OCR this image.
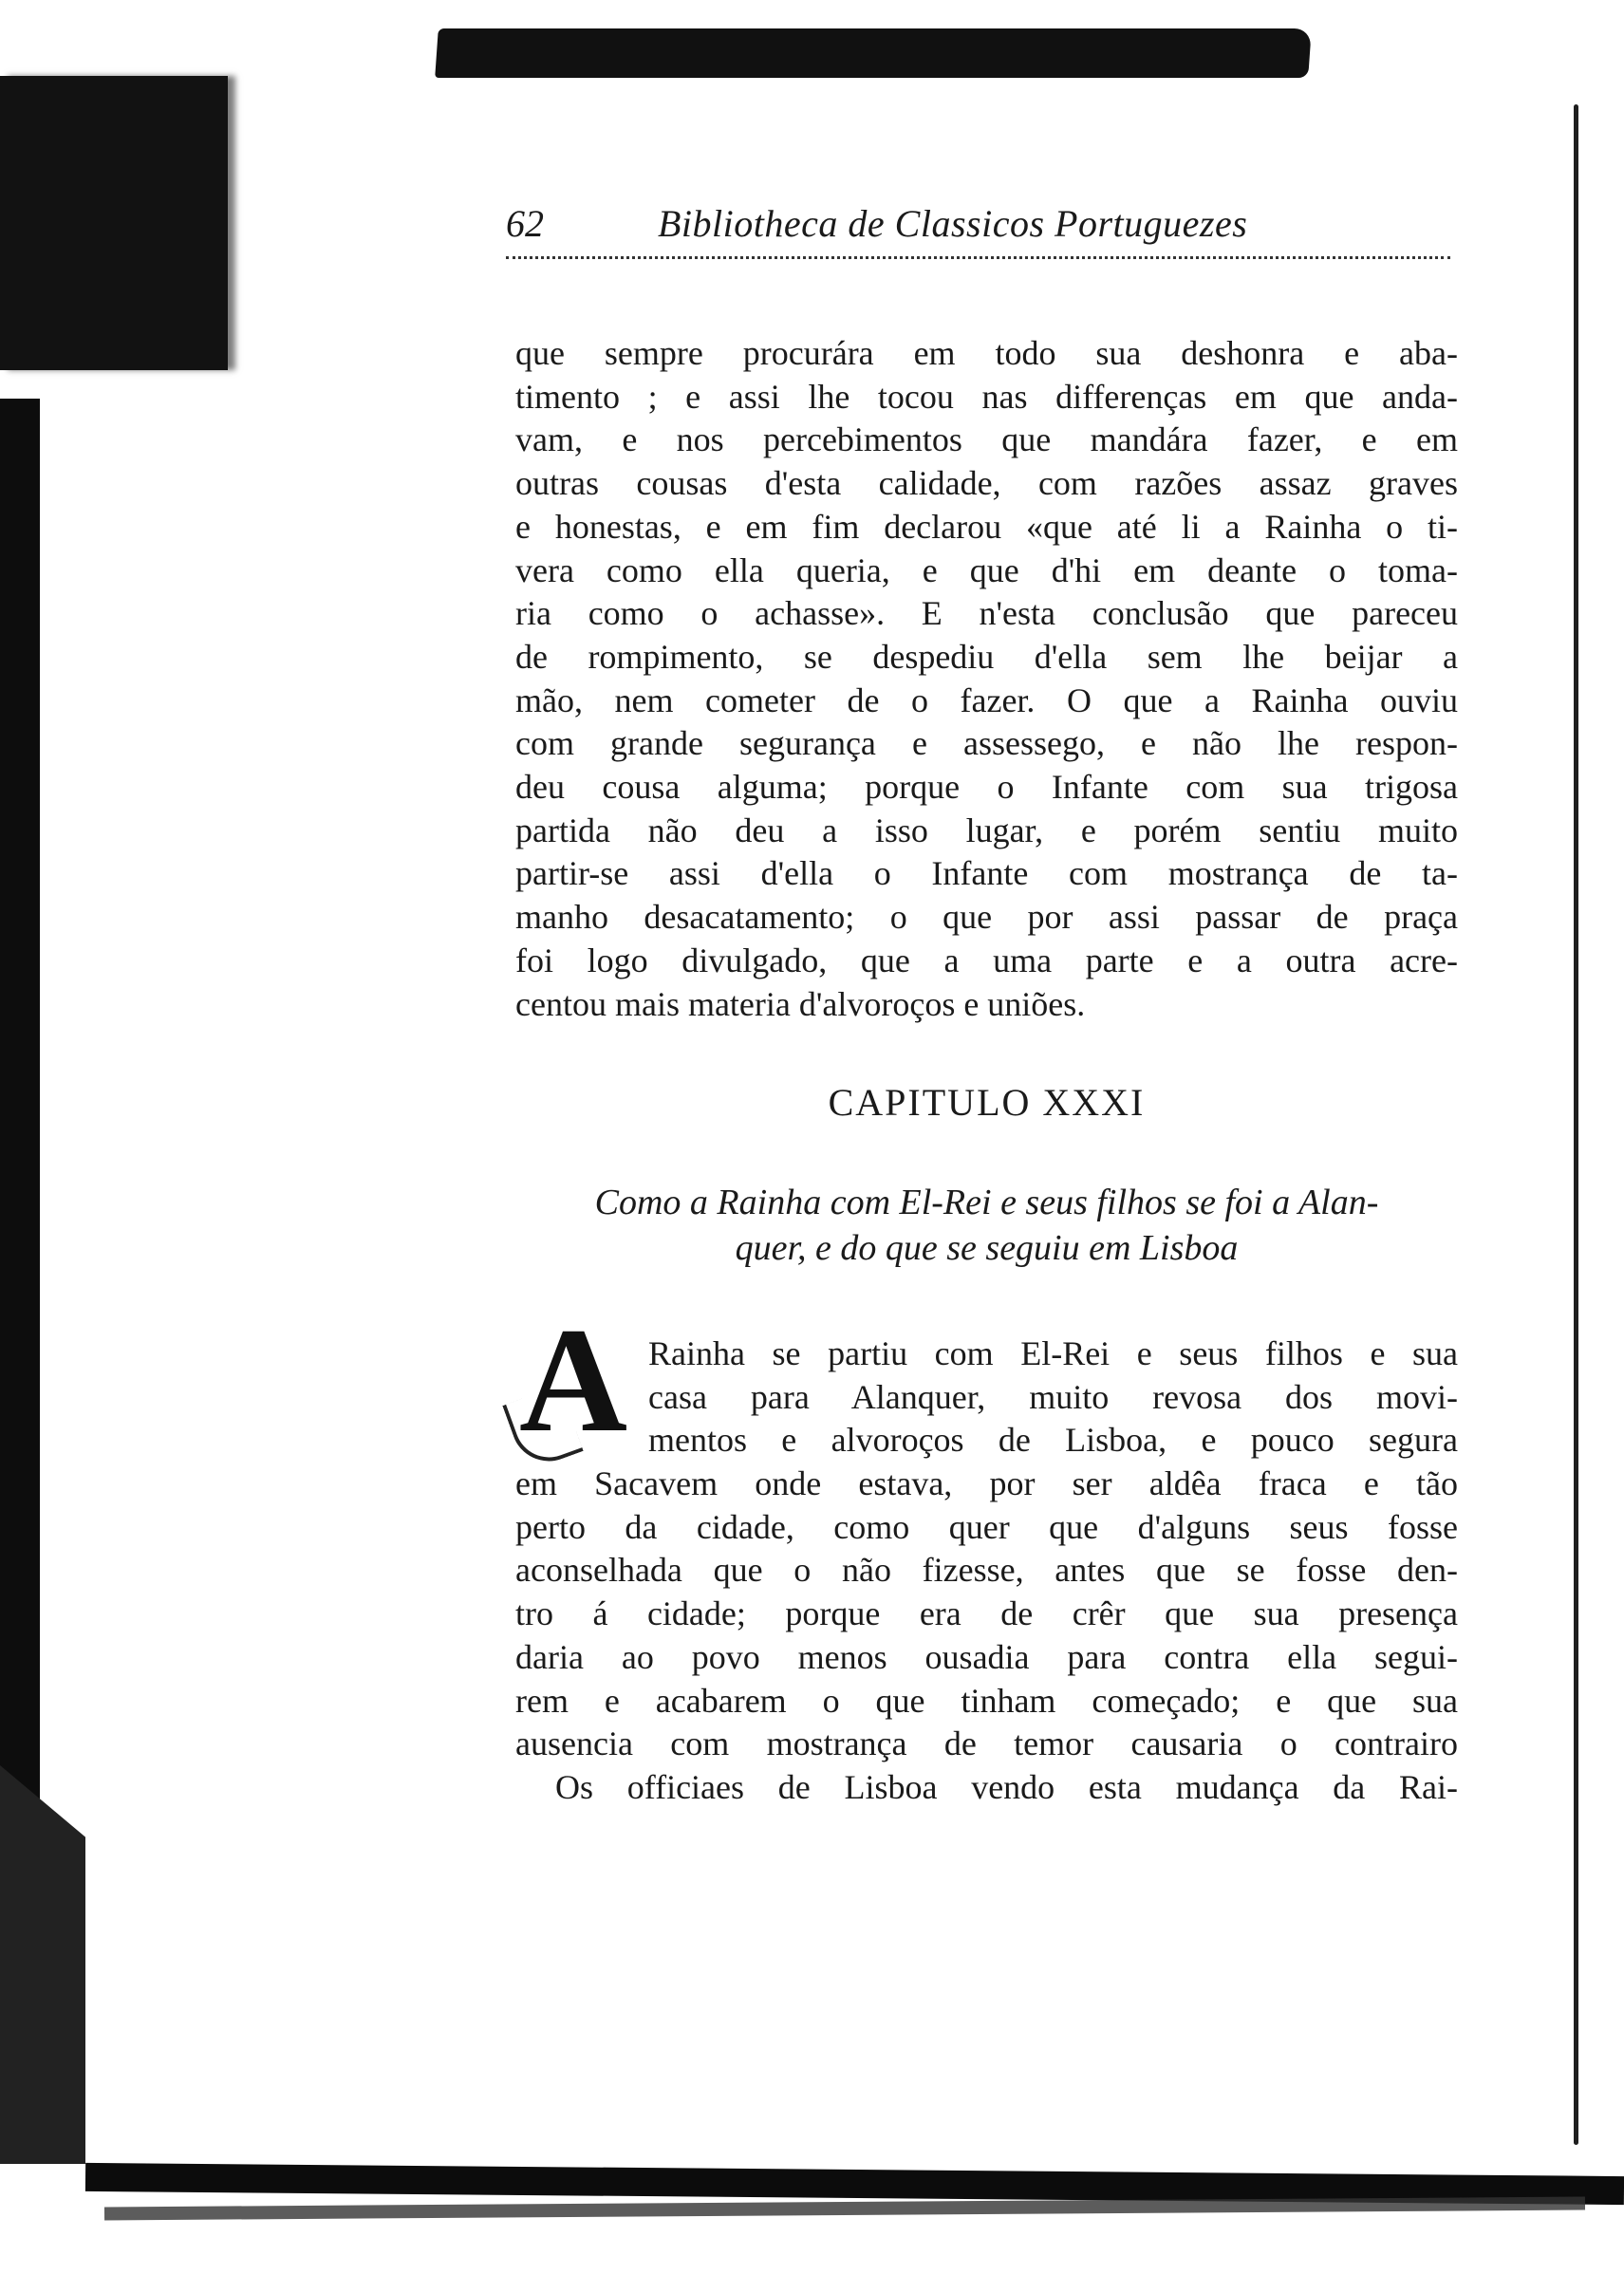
62	Bibliotheca de Classicos Portuguezes
que sempre procurára em todo sua deshonra e aba-
timento ; e assi lhe tocou nas differenças em que anda-
vam, e nos percebimentos que mandára fazer, e em
outras cousas d'esta calidade, com razões assaz graves
e honestas, e em fim declarou «que até li a Rainha o ti-
vera como ella queria, e que d'hi em deante o toma-
ria como o achasse». E n'esta conclusão que pareceu
de rompimento, se despediu d'ella sem lhe beijar a
mão, nem cometer de o fazer. O que a Rainha ouviu
com grande segurança e assessego, e não lhe respon-
deu cousa alguma; porque o Infante com sua trigosa
partida não deu a isso lugar, e porém sentiu muito
partir-se assi d'ella o Infante com mostrança de ta-
manho desacatamento; o que por assi passar de praça
foi logo divulgado, que a uma parte e a outra acre-
centou mais materia d'alvoroços e uniões.
CAPITULO XXXI
Como a Rainha com El-Rei e seus filhos se foi a Alan-
quer, e do que se seguiu em Lisboa
A Rainha se partiu com El-Rei e seus filhos e sua
casa para Alanquer, muito revosa dos movi-
mentos e alvoroços de Lisboa, e pouco segura
em Sacavem onde estava, por ser aldêa fraca e tão
perto da cidade, como quer que d'alguns seus fosse
aconselhada que o não fizesse, antes que se fosse den-
tro á cidade; porque era de crêr que sua presença
daria ao povo menos ousadia para contra ella segui-
rem e acabarem o que tinham começado; e que sua
ausencia com mostrança de temor causaria o contrairo
Os officiaes de Lisboa vendo esta mudança da Rai-
